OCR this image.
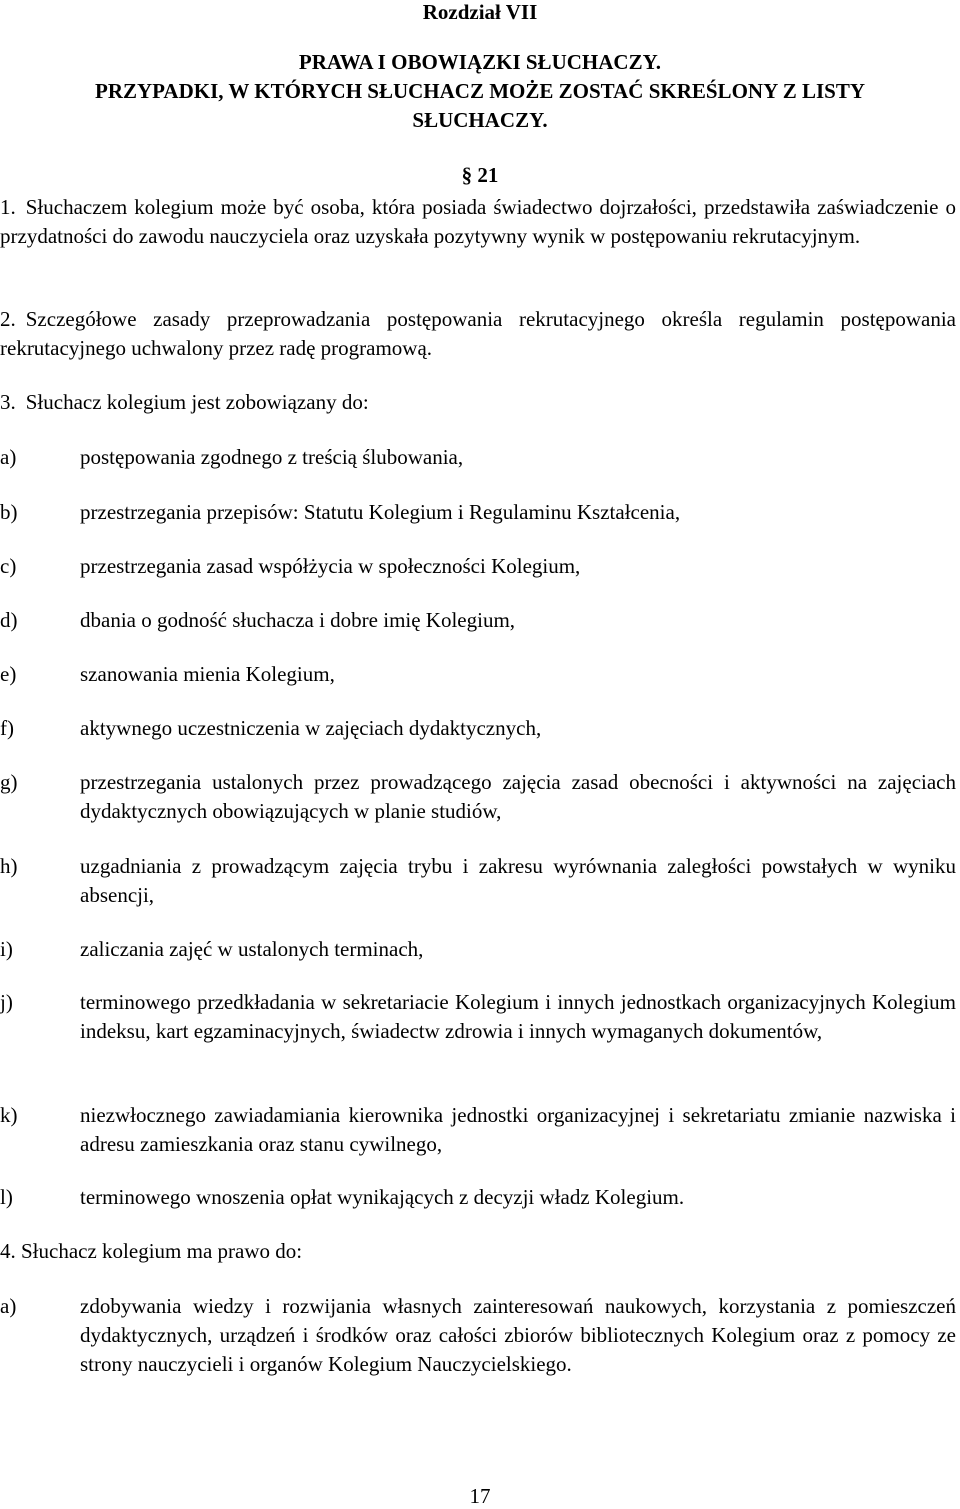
Rozdział VII
PRAWA I OBOWIĄZKI SŁUCHACZY.
PRZYPADKI, W KTÓRYCH SŁUCHACZ MOŻE ZOSTAĆ SKREŚLONY Z LISTY
SŁUCHACZY.
§ 21
1. Słuchaczem kolegium może być osoba, która posiada świadectwo dojrzałości, przedstawiła zaświadczenie o przydatności do zawodu nauczyciela oraz uzyskała pozytywny wynik w postępowaniu rekrutacyjnym.
2. Szczegółowe zasady przeprowadzania postępowania rekrutacyjnego określa regulamin postępowania rekrutacyjnego uchwalony przez radę programową.
3. Słuchacz kolegium jest zobowiązany do:
a)	postępowania zgodnego z treścią ślubowania,
b)	przestrzegania przepisów: Statutu Kolegium i Regulaminu Kształcenia,
c)	przestrzegania zasad współżycia w społeczności Kolegium,
d)	dbania o godność słuchacza i dobre imię Kolegium,
e)	szanowania mienia Kolegium,
f)	aktywnego uczestniczenia w zajęciach dydaktycznych,
g)	przestrzegania ustalonych przez prowadzącego zajęcia zasad obecności i aktywności na zajęciach dydaktycznych obowiązujących w planie studiów,
h)	uzgadniania z prowadzącym zajęcia trybu i zakresu wyrównania zaległości powstałych w wyniku absencji,
i)	zaliczania zajęć w ustalonych terminach,
j)	terminowego przedkładania w sekretariacie Kolegium i innych jednostkach organizacyjnych Kolegium indeksu, kart egzaminacyjnych, świadectw zdrowia i innych wymaganych dokumentów,
k)	niezwłocznego zawiadamiania kierownika jednostki organizacyjnej i sekretariatu zmianie nazwiska i adresu zamieszkania oraz stanu cywilnego,
l)	terminowego wnoszenia opłat wynikających z decyzji władz Kolegium.
4. Słuchacz kolegium ma prawo do:
a)	zdobywania wiedzy i rozwijania własnych zainteresowań naukowych, korzystania z pomieszczeń dydaktycznych, urządzeń i środków oraz całości zbiorów bibliotecznych Kolegium oraz z pomocy ze strony nauczycieli i organów Kolegium Nauczycielskiego.
17
